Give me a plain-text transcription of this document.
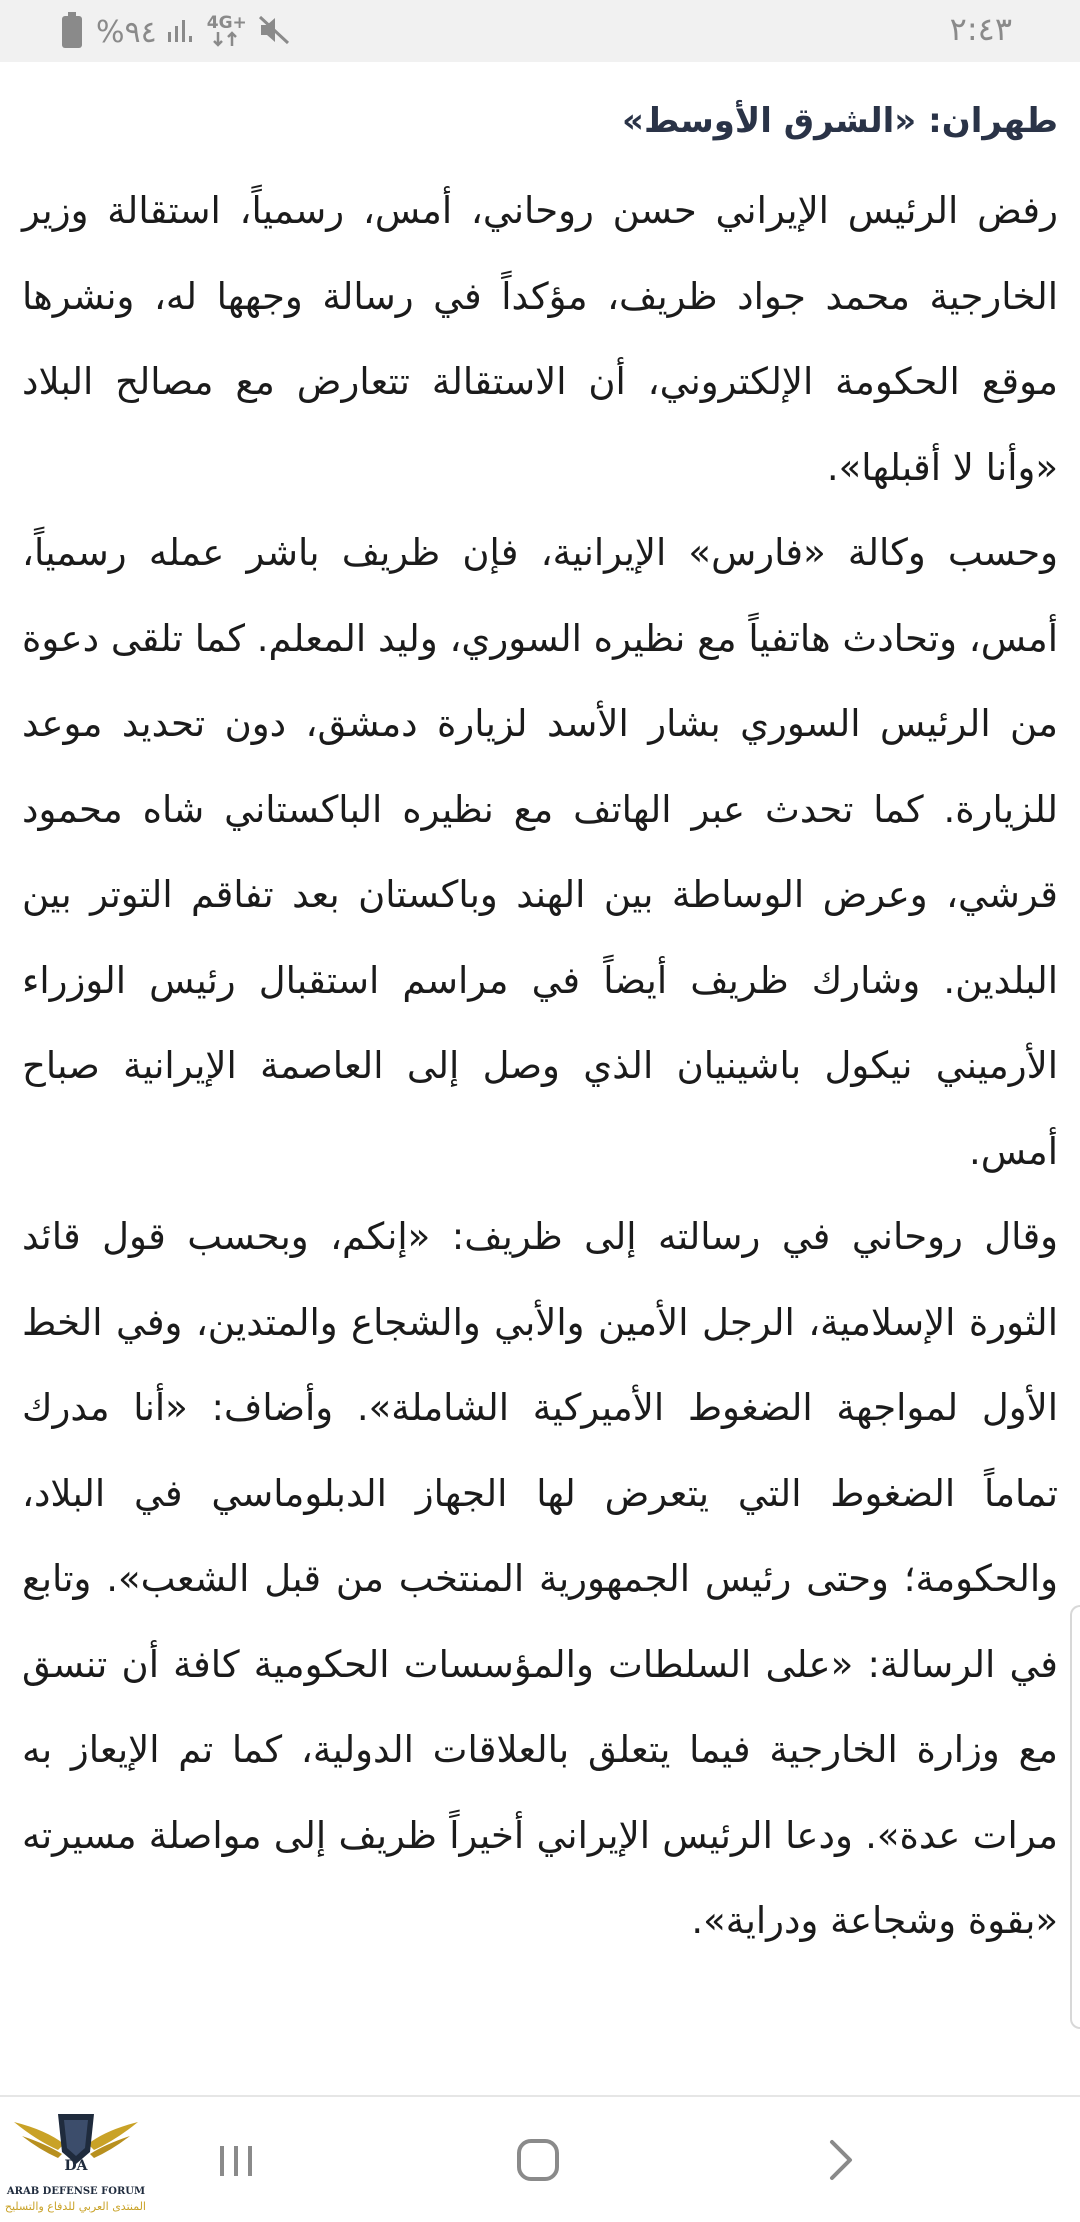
%٩٤	4G+	٢:٤٣
طهران: «الشرق الأوسط»

رفض الرئيس الإيراني حسن روحاني، أمس، رسمياً، استقالة وزير الخارجية محمد جواد ظريف، مؤكداً في رسالة وجهها له، ونشرها موقع الحكومة الإلكتروني، أن الاستقالة تتعارض مع مصالح البلاد «وأنا لا أقبلها».

وحسب وكالة «فارس» الإيرانية، فإن ظريف باشر عمله رسمياً، أمس، وتحادث هاتفياً مع نظيره السوري، وليد المعلم. كما تلقى دعوة من الرئيس السوري بشار الأسد لزيارة دمشق، دون تحديد موعد للزيارة. كما تحدث عبر الهاتف مع نظيره الباكستاني شاه محمود قرشي، وعرض الوساطة بين الهند وباكستان بعد تفاقم التوتر بين البلدين. وشارك ظريف أيضاً في مراسم استقبال رئيس الوزراء الأرميني نيكول باشينيان الذي وصل إلى العاصمة الإيرانية صباح أمس.

وقال روحاني في رسالته إلى ظريف: «إنكم، وبحسب قول قائد الثورة الإسلامية، الرجل الأمين والأبي والشجاع والمتدين، وفي الخط الأول لمواجهة الضغوط الأميركية الشاملة». وأضاف: «أنا مدرك تماماً الضغوط التي يتعرض لها الجهاز الدبلوماسي في البلاد، والحكومة؛ وحتى رئيس الجمهورية المنتخب من قبل الشعب». وتابع في الرسالة: «على السلطات والمؤسسات الحكومية كافة أن تنسق مع وزارة الخارجية فيما يتعلق بالعلاقات الدولية، كما تم الإيعاز به مرات عدة». ودعا الرئيس الإيراني أخيراً ظريف إلى مواصلة مسيرته «بقوة وشجاعة ودراية».

DA
ARAB DEFENSE FORUM
المنتدى العربي للدفاع والتسليح
